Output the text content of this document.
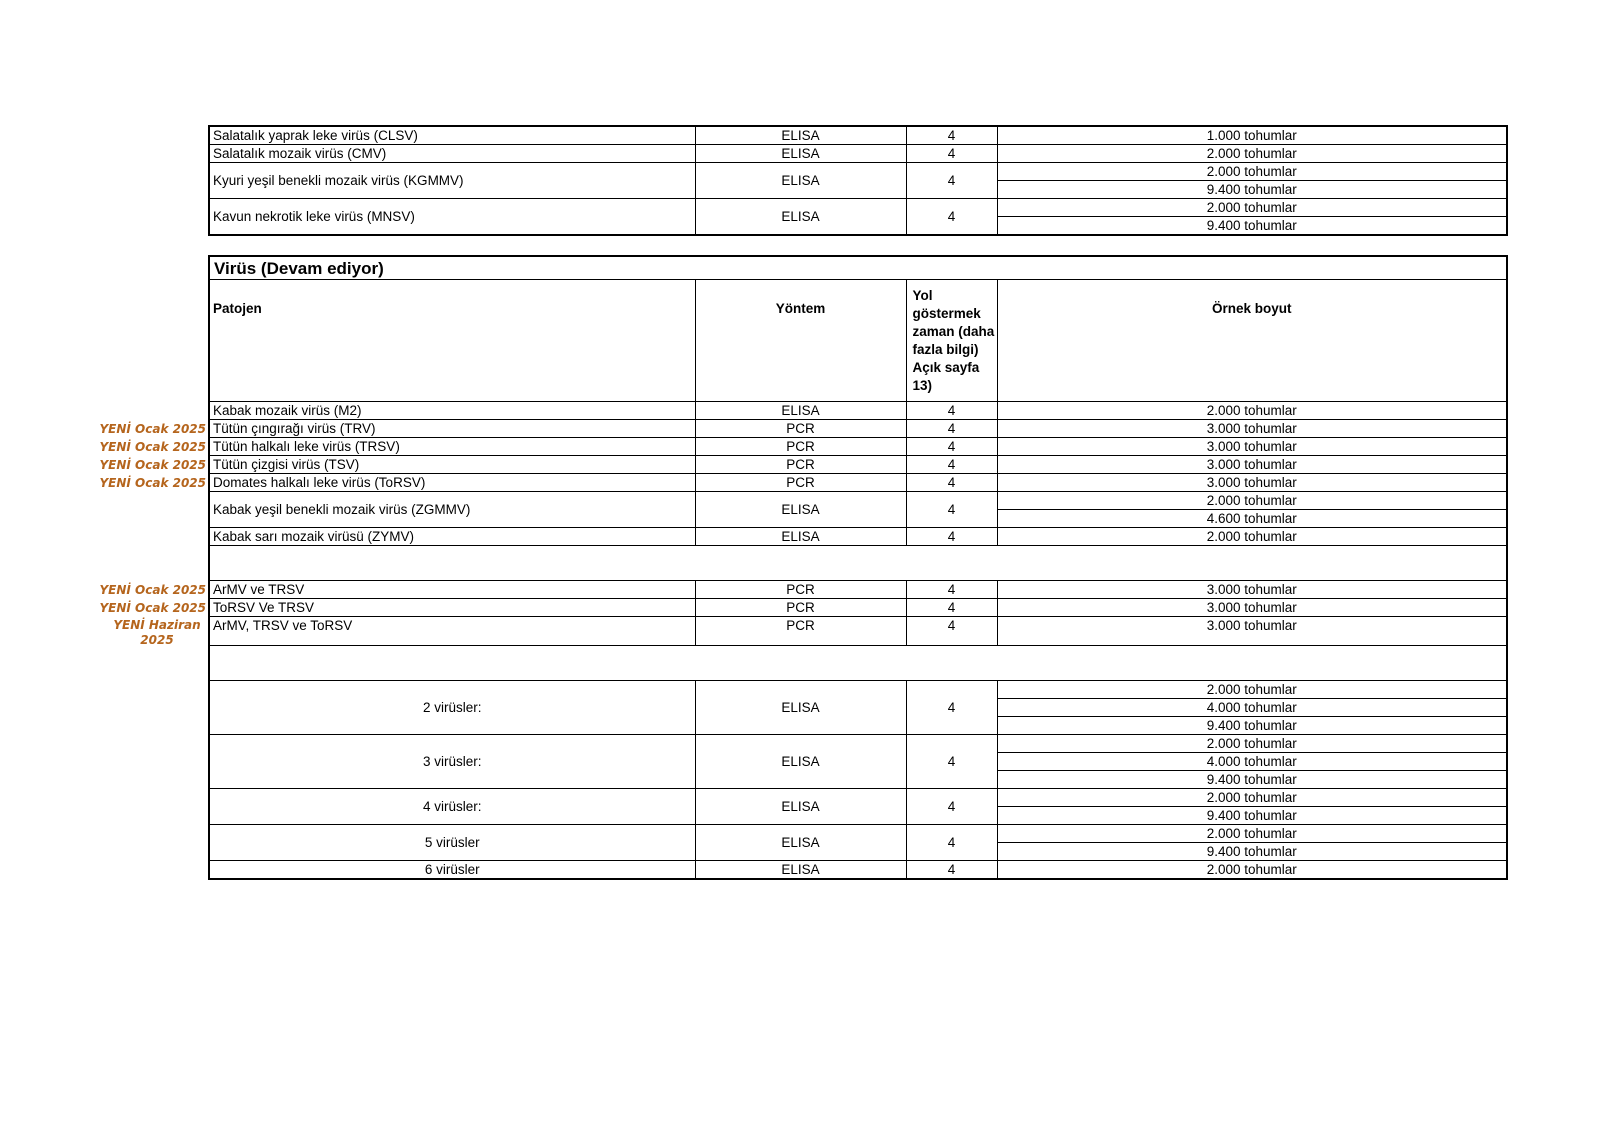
Salatalık yaprak leke virüs (CLSV)	ELISA	4	1.000 tohumlar
Salatalık mozaik virüs (CMV)	ELISA	4	2.000 tohumlar
Kyuri yeşil benekli mozaik virüs (KGMMV)	ELISA	4	2.000 tohumlar
			9.400 tohumlar
Kavun nekrotik leke virüs (MNSV)	ELISA	4	2.000 tohumlar
			9.400 tohumlar
Virüs (Devam ediyor)			
Patojen	Yöntem	Yol göstermek zaman (daha fazla bilgi) Açık sayfa 13)	Örnek boyut
Kabak mozaik virüs (M2)	ELISA	4	2.000 tohumlar
Tütün çıngırağı virüs (TRV)	PCR	4	3.000 tohumlar
Tütün halkalı leke virüs (TRSV)	PCR	4	3.000 tohumlar
Tütün çizgisi virüs (TSV)	PCR	4	3.000 tohumlar
Domates halkalı leke virüs (ToRSV)	PCR	4	3.000 tohumlar
Kabak yeşil benekli mozaik virüs (ZGMMV)	ELISA	4	2.000 tohumlar
			4.600 tohumlar
Kabak sarı mozaik virüsü (ZYMV)	ELISA	4	2.000 tohumlar

ArMV ve TRSV	PCR	4	3.000 tohumlar
ToRSV Ve TRSV	PCR	4	3.000 tohumlar
ArMV, TRSV ve ToRSV	PCR	4	3.000 tohumlar

2 virüsler:	ELISA	4	2.000 tohumlar
			4.000 tohumlar
			9.400 tohumlar
3 virüsler:	ELISA	4	2.000 tohumlar
			4.000 tohumlar
			9.400 tohumlar
4 virüsler:	ELISA	4	2.000 tohumlar
			9.400 tohumlar
5 virüsler	ELISA	4	2.000 tohumlar
			9.400 tohumlar
6 virüsler	ELISA	4	2.000 tohumlar
YENİ Ocak 2025
YENİ Ocak 2025
YENİ Ocak 2025
YENİ Ocak 2025
YENİ Ocak 2025
YENİ Ocak 2025
YENİ Haziran 2025
